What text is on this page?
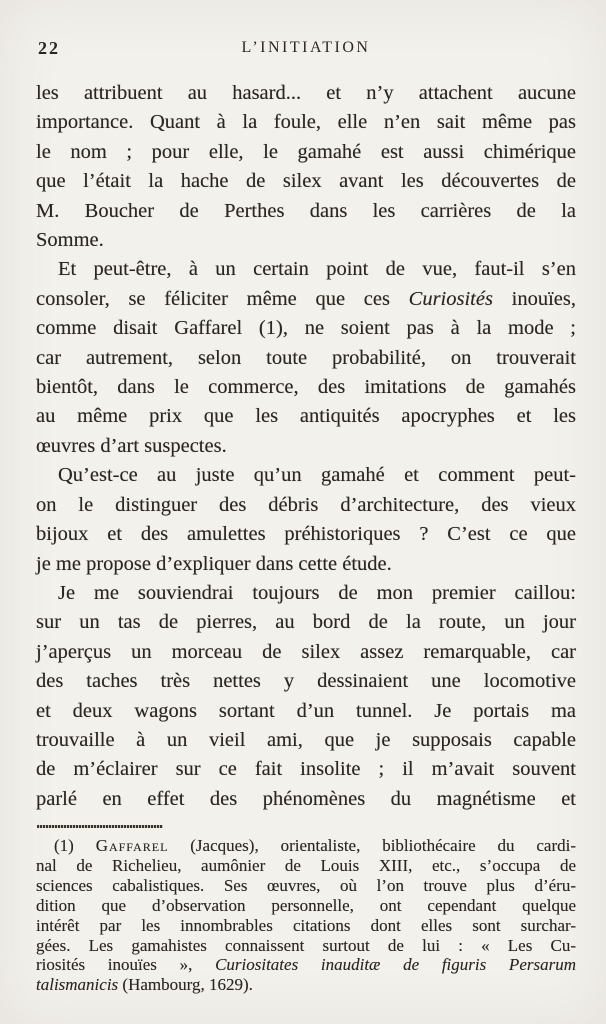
22	L’INITIATION
les attribuent au hasard... et n’y attachent aucune
importance. Quant à la foule, elle n’en sait même pas
le nom ; pour elle, le gamahé est aussi chimérique
que l’était la hache de silex avant les découvertes de
M. Boucher de Perthes dans les carrières de la
Somme.
Et peut-être, à un certain point de vue, faut-il s’en
consoler, se féliciter même que ces Curiosités inouïes,
comme disait Gaffarel (1), ne soient pas à la mode ;
car autrement, selon toute probabilité, on trouverait
bientôt, dans le commerce, des imitations de gamahés
au même prix que les antiquités apocryphes et les
œuvres d’art suspectes.
Qu’est-ce au juste qu’un gamahé et comment peut-
on le distinguer des débris d’architecture, des vieux
bijoux et des amulettes préhistoriques ? C’est ce que
je me propose d’expliquer dans cette étude.
Je me souviendrai toujours de mon premier caillou:
sur un tas de pierres, au bord de la route, un jour
j’aperçus un morceau de silex assez remarquable, car
des taches très nettes y dessinaient une locomotive
et deux wagons sortant d’un tunnel. Je portais ma
trouvaille à un vieil ami, que je supposais capable
de m’éclairer sur ce fait insolite ; il m’avait souvent
parlé en effet des phénomènes du magnétisme et
(1) Gaffarel (Jacques), orientaliste, bibliothécaire du cardi-
nal de Richelieu, aumônier de Louis XIII, etc., s’occupa de
sciences cabalistiques. Ses œuvres, où l’on trouve plus d’éru-
dition que d’observation personnelle, ont cependant quelque
intérêt par les innombrables citations dont elles sont surchar-
gées. Les gamahistes connaissent surtout de lui : « Les Cu-
riosités inouïes », Curiositates inauditæ de figuris Persarum
talismanicis (Hambourg, 1629).
